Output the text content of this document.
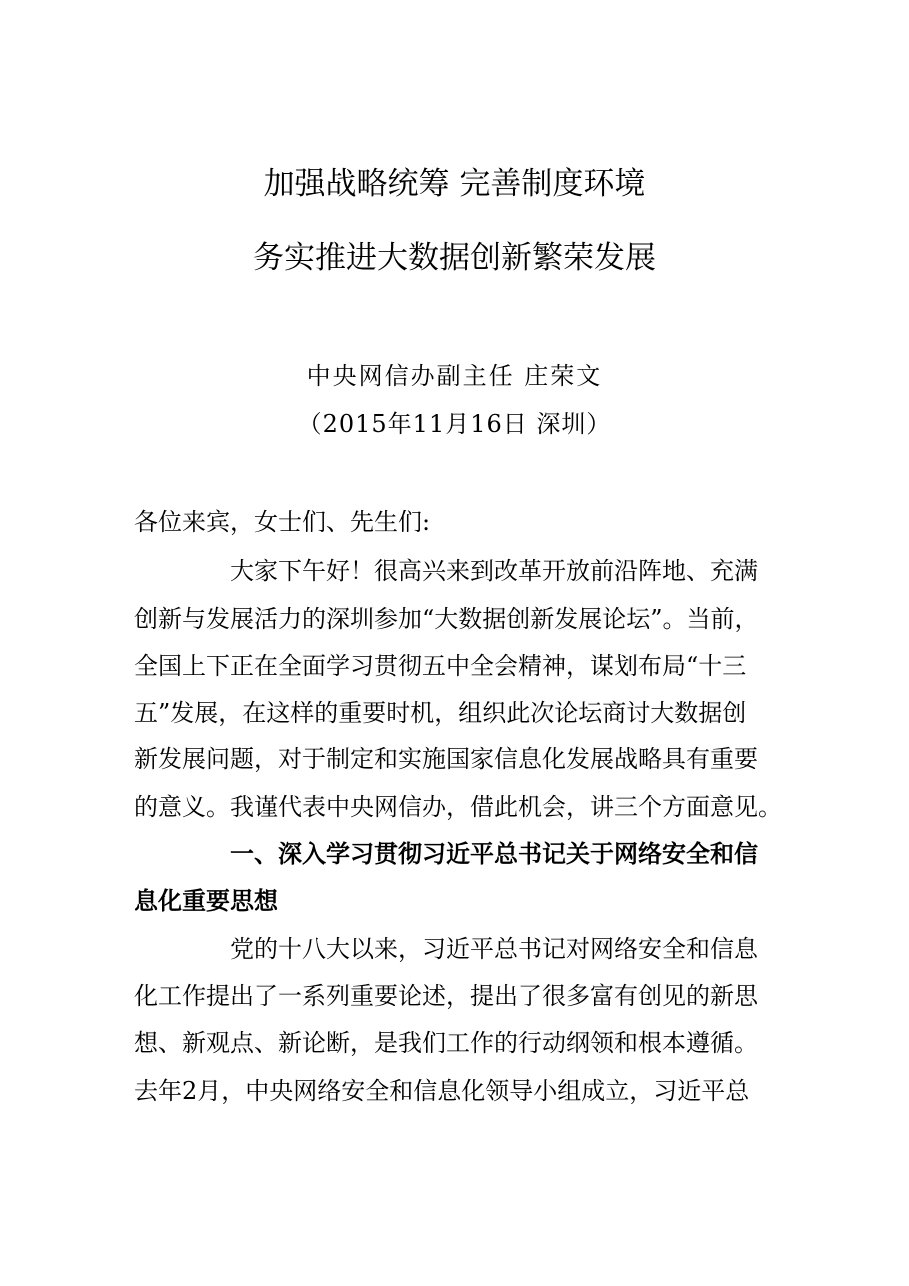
加强战略统筹 完善制度环境
务实推进大数据创新繁荣发展
中央网信办副主任 庄荣文
（2015年11月16日 深圳）
各位来宾，女士们、先生们:
大家下午好！很高兴来到改革开放前沿阵地、充满
创新与发展活力的深圳参加“大数据创新发展论坛”。当前，
全国上下正在全面学习贯彻五中全会精神，谋划布局“十三
五”发展，在这样的重要时机，组织此次论坛商讨大数据创
新发展问题，对于制定和实施国家信息化发展战略具有重要
的意义。我谨代表中央网信办，借此机会，讲三个方面意见。
一、深入学习贯彻习近平总书记关于网络安全和信
息化重要思想
党的十八大以来，习近平总书记对网络安全和信息
化工作提出了一系列重要论述，提出了很多富有创见的新思
想、新观点、新论断，是我们工作的行动纲领和根本遵循。
去年2月，中央网络安全和信息化领导小组成立，习近平总
